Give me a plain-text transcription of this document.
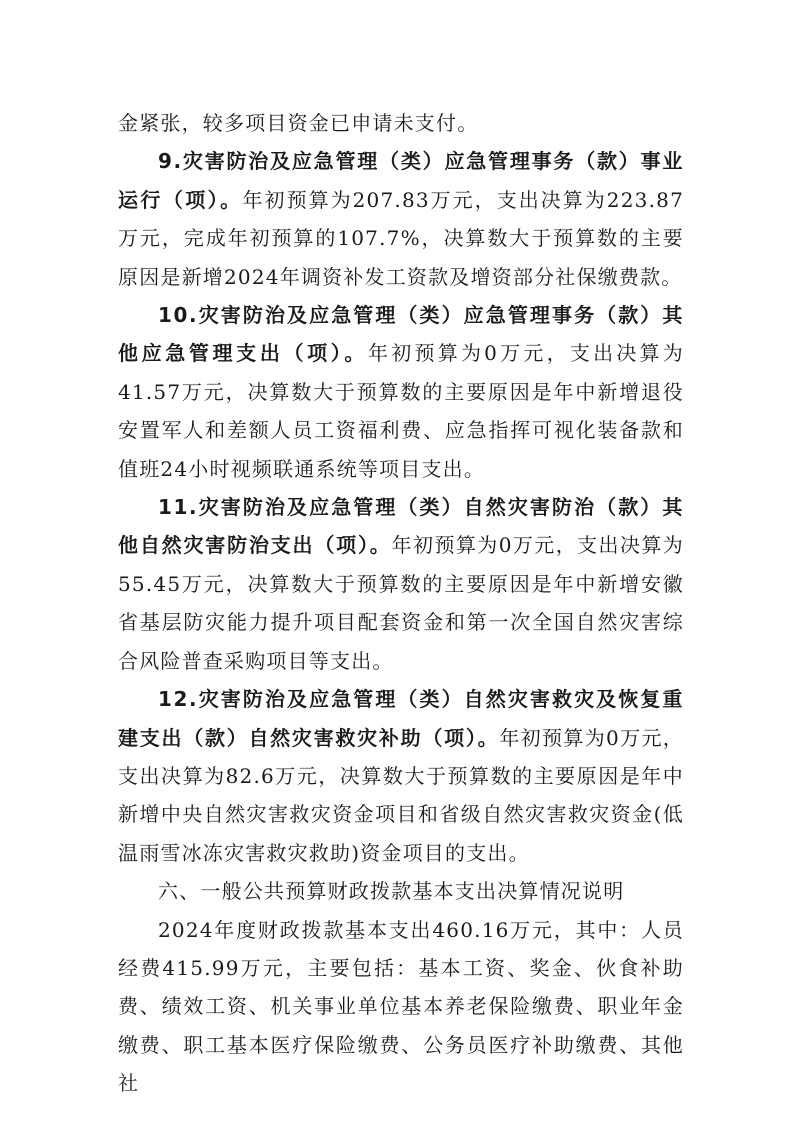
金紧张，较多项目资金已申请未支付。

9.灾害防治及应急管理（类）应急管理事务（款）事业运行（项）。年初预算为207.83万元，支出决算为223.87万元，完成年初预算的107.7%，决算数大于预算数的主要原因是新增2024年调资补发工资款及增资部分社保缴费款。

10.灾害防治及应急管理（类）应急管理事务（款）其他应急管理支出（项）。年初预算为0万元，支出决算为41.57万元，决算数大于预算数的主要原因是年中新增退役安置军人和差额人员工资福利费、应急指挥可视化装备款和值班24小时视频联通系统等项目支出。

11.灾害防治及应急管理（类）自然灾害防治（款）其他自然灾害防治支出（项）。年初预算为0万元，支出决算为55.45万元，决算数大于预算数的主要原因是年中新增安徽省基层防灾能力提升项目配套资金和第一次全国自然灾害综合风险普查采购项目等支出。

12.灾害防治及应急管理（类）自然灾害救灾及恢复重建支出（款）自然灾害救灾补助（项）。年初预算为0万元，支出决算为82.6万元，决算数大于预算数的主要原因是年中新增中央自然灾害救灾资金项目和省级自然灾害救灾资金(低温雨雪冰冻灾害救灾救助)资金项目的支出。

六、一般公共预算财政拨款基本支出决算情况说明

2024年度财政拨款基本支出460.16万元，其中：人员经费415.99万元，主要包括：基本工资、奖金、伙食补助费、绩效工资、机关事业单位基本养老保险缴费、职业年金缴费、职工基本医疗保险缴费、公务员医疗补助缴费、其他社
